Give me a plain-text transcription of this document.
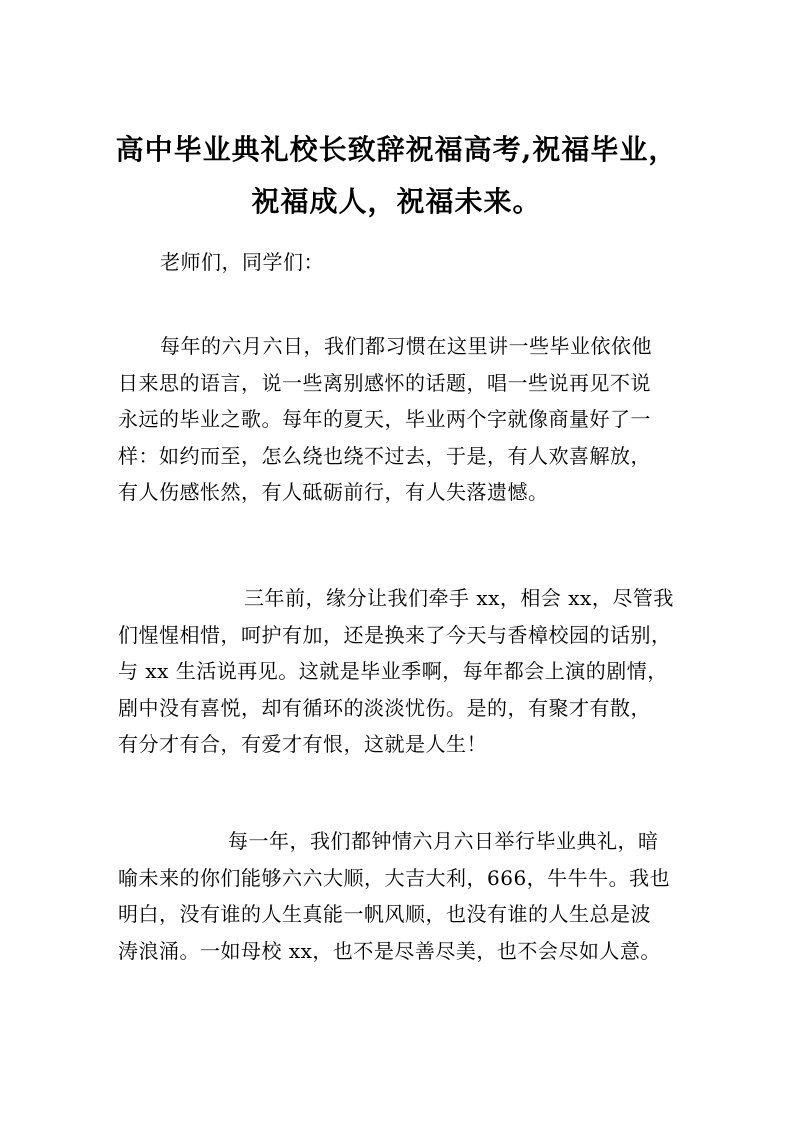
高中毕业典礼校长致辞祝福高考,祝福毕业，
祝福成人，祝福未来。
老师们，同学们：
每年的六月六日，我们都习惯在这里讲一些毕业依依他
日来思的语言，说一些离别感怀的话题，唱一些说再见不说
永远的毕业之歌。每年的夏天，毕业两个字就像商量好了一
样：如约而至，怎么绕也绕不过去，于是，有人欢喜解放，
有人伤感怅然，有人砥砺前行，有人失落遗憾。
三年前，缘分让我们牵手 xx，相会 xx，尽管我
们惺惺相惜，呵护有加，还是换来了今天与香樟校园的话别，
与 xx 生活说再见。这就是毕业季啊，每年都会上演的剧情，
剧中没有喜悦，却有循环的淡淡忧伤。是的，有聚才有散，
有分才有合，有爱才有恨，这就是人生！
每一年，我们都钟情六月六日举行毕业典礼，暗
喻未来的你们能够六六大顺，大吉大利，666，牛牛牛。我也
明白，没有谁的人生真能一帆风顺，也没有谁的人生总是波
涛浪涌。一如母校 xx，也不是尽善尽美，也不会尽如人意。
